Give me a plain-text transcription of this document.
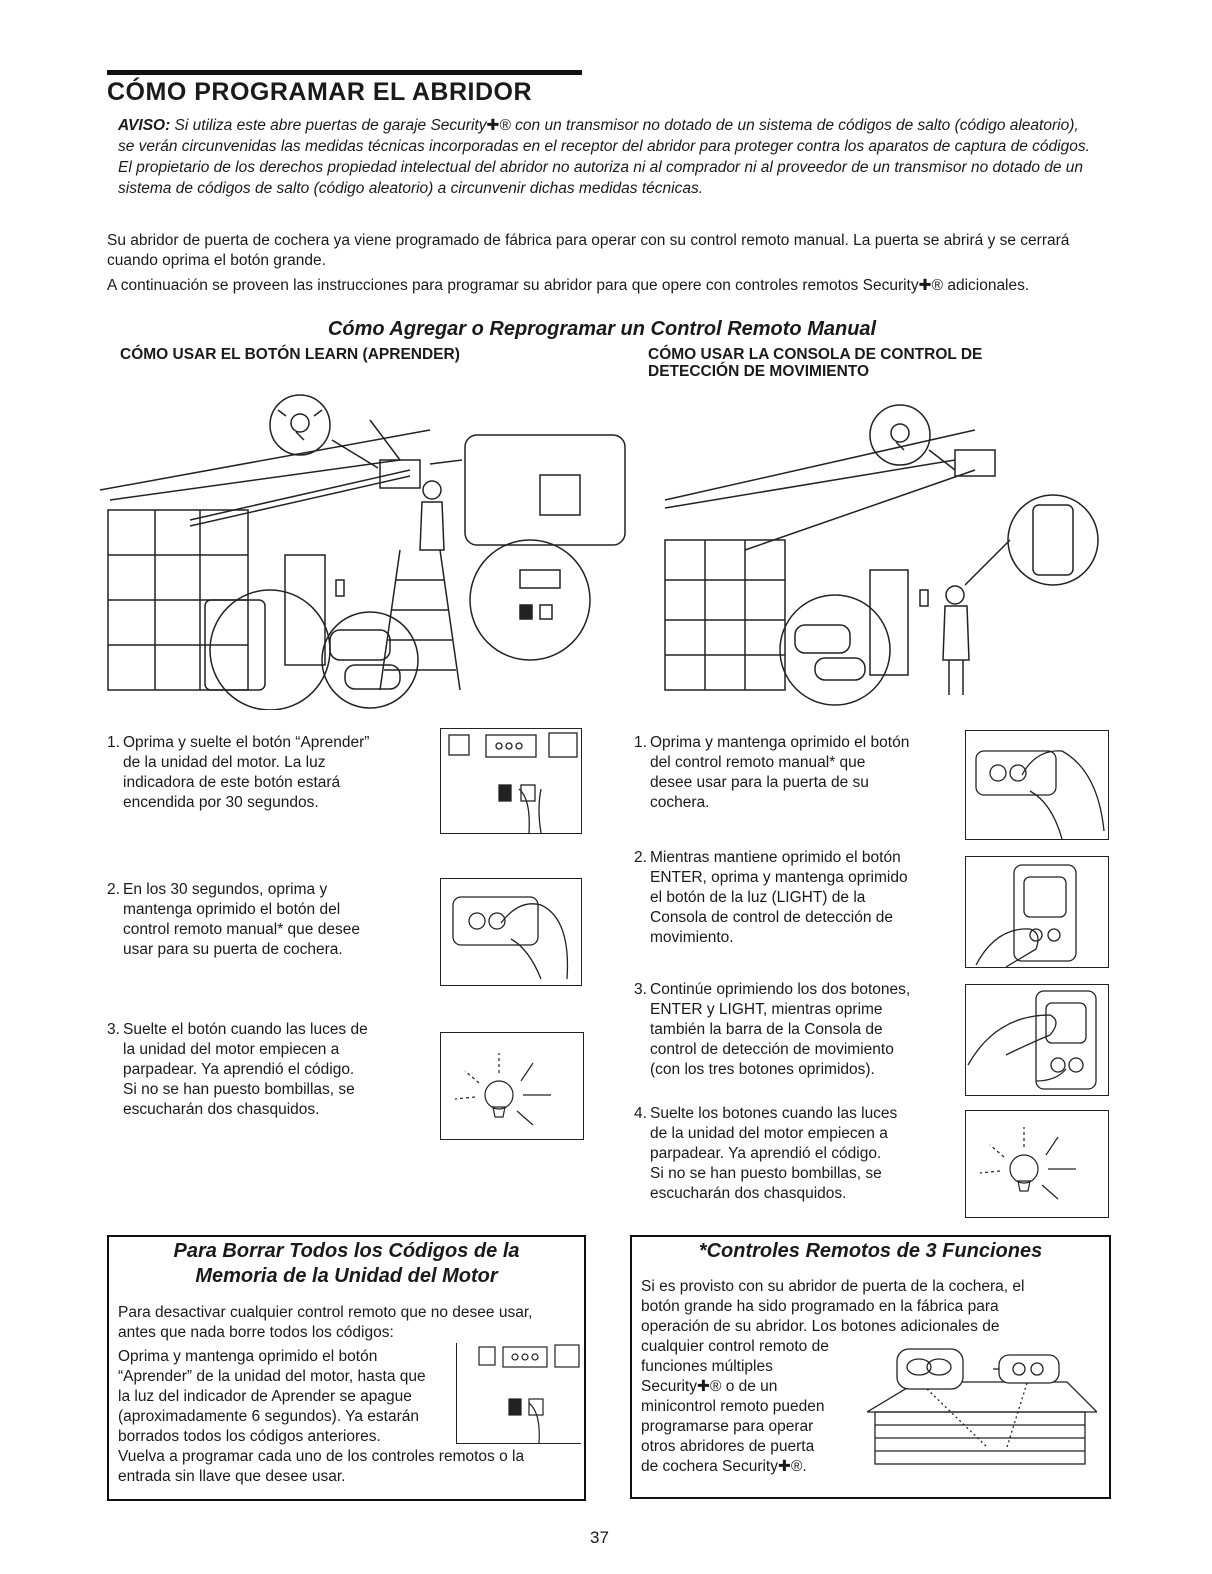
CÓMO PROGRAMAR EL ABRIDOR

AVISO: Si utiliza este abre puertas de garaje Security✚® con un transmisor no dotado de un sistema de códigos de salto (código aleatorio), se verán circunvenidas las medidas técnicas incorporadas en el receptor del abridor para proteger contra los aparatos de captura de códigos. El propietario de los derechos propiedad intelectual del abridor no autoriza ni al comprador ni al proveedor de un transmisor no dotado de un sistema de códigos de salto (código aleatorio) a circunvenir dichas medidas técnicas.

Su abridor de puerta de cochera ya viene programado de fábrica para operar con su control remoto manual. La puerta se abrirá y se cerrará cuando oprima el botón grande.

A continuación se proveen las instrucciones para programar su abridor para que opere con controles remotos Security✚® adicionales.

Cómo Agregar o Reprogramar un Control Remoto Manual

CÓMO USAR EL BOTÓN LEARN (APRENDER)	CÓMO USAR LA CONSOLA DE CONTROL DE

DETECCIÓN DE MOVIMIENTO

1. Oprima y suelte el botón “Aprender”
de la unidad del motor. La luz
indicadora de este botón estará
encendida por 30 segundos.

2. En los 30 segundos, oprima y
mantenga oprimido el botón del
control remoto manual* que desee
usar para su puerta de cochera.

3. Suelte el botón cuando las luces de
la unidad del motor empiecen a
parpadear. Ya aprendió el código.
Si no se han puesto bombillas, se
escucharán dos chasquidos.

1. Oprima y mantenga oprimido el botón
del control remoto manual* que
desee usar para la puerta de su
cochera.

2. Mientras mantiene oprimido el botón
ENTER, oprima y mantenga oprimido
el botón de la luz (LIGHT) de la
Consola de control de detección de
movimiento.

3. Continúe oprimiendo los dos botones,
ENTER y LIGHT, mientras oprime
también la barra de la Consola de
control de detección de movimiento
(con los tres botones oprimidos).

4. Suelte los botones cuando las luces
de la unidad del motor empiecen a
parpadear. Ya aprendió el código.
Si no se han puesto bombillas, se
escucharán dos chasquidos.

Para Borrar Todos los Códigos de la

Memoria de la Unidad del Motor

Para desactivar cualquier control remoto que no desee usar,
antes que nada borre todos los códigos:

Oprima y mantenga oprimido el botón
“Aprender” de la unidad del motor, hasta que
la luz del indicador de Aprender se apague
(aproximadamente 6 segundos). Ya estarán
borrados todos los códigos anteriores.

Vuelva a programar cada uno de los controles remotos o la
entrada sin llave que desee usar.

*Controles Remotos de 3 Funciones

Si es provisto con su abridor de puerta de la cochera, el
botón grande ha sido programado en la fábrica para
operación de su abridor. Los botones adicionales de
cualquier control remoto de
funciones múltiples
Security✚® o de un
minicontrol remoto pueden
programarse para operar
otros abridores de puerta
de cochera Security✚®.

37
